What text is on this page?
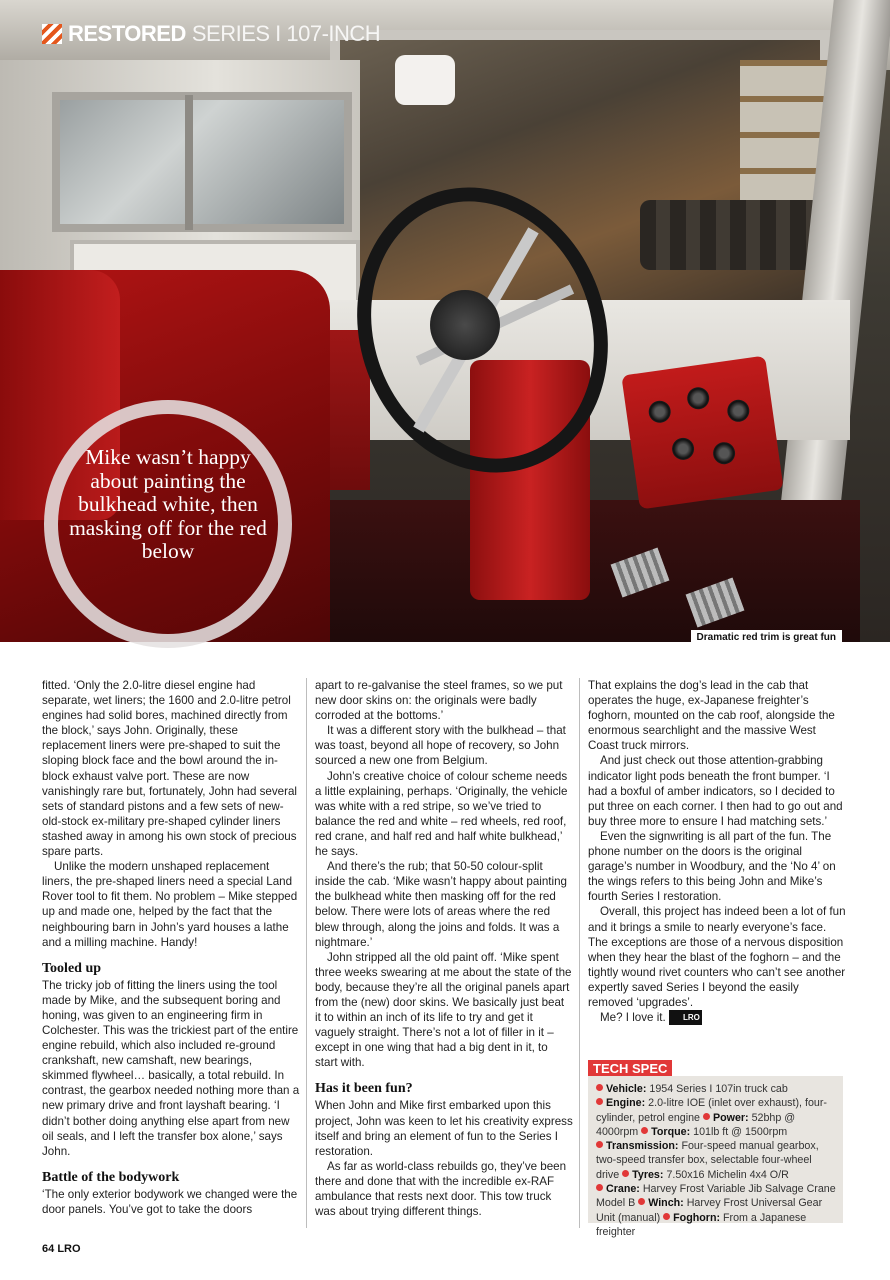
RESTORED SERIES I 107-INCH
Mike wasn’t happy about painting the bulkhead white, then masking off for the red below
Dramatic red trim is great fun

fitted. ‘Only the 2.0-litre diesel engine had separate, wet liners; the 1600 and 2.0-litre petrol engines had solid bores, machined directly from the block,’ says John. Originally, these replacement liners were pre-shaped to suit the sloping block face and the bowl around the in-block exhaust valve port. These are now vanishingly rare but, fortunately, John had several sets of standard pistons and a few sets of new-old-stock ex-military pre-shaped cylinder liners stashed away in among his own stock of precious spare parts.

Unlike the modern unshaped replacement liners, the pre-shaped liners need a special Land Rover tool to fit them. No problem – Mike stepped up and made one, helped by the fact that the neighbouring barn in John’s yard houses a lathe and a milling machine. Handy!

Tooled up

The tricky job of fitting the liners using the tool made by Mike, and the subsequent boring and honing, was given to an engineering firm in Colchester. This was the trickiest part of the entire engine rebuild, which also included re-ground crankshaft, new camshaft, new bearings, skimmed flywheel… basically, a total rebuild. In contrast, the gearbox needed nothing more than a new primary drive and front layshaft bearing. ‘I didn’t bother doing anything else apart from new oil seals, and I left the transfer box alone,’ says John.

Battle of the bodywork

‘The only exterior bodywork we changed were the door panels. You’ve got to take the doors

apart to re-galvanise the steel frames, so we put new door skins on: the originals were badly corroded at the bottoms.’

It was a different story with the bulkhead – that was toast, beyond all hope of recovery, so John sourced a new one from Belgium.

John’s creative choice of colour scheme needs a little explaining, perhaps. ‘Originally, the vehicle was white with a red stripe, so we’ve tried to balance the red and white – red wheels, red roof, red crane, and half red and half white bulkhead,’ he says.

And there’s the rub; that 50-50 colour-split inside the cab. ‘Mike wasn’t happy about painting the bulkhead white then masking off for the red below. There were lots of areas where the red blew through, along the joins and folds. It was a nightmare.’

John stripped all the old paint off. ‘Mike spent three weeks swearing at me about the state of the body, because they’re all the original panels apart from the (new) door skins. We basically just beat it to within an inch of its life to try and get it vaguely straight. There’s not a lot of filler in it – except in one wing that had a big dent in it, to start with.

Has it been fun?

When John and Mike first embarked upon this project, John was keen to let his creativity express itself and bring an element of fun to the Series I restoration.

As far as world-class rebuilds go, they’ve been there and done that with the incredible ex-RAF ambulance that rests next door. This tow truck was about trying different things.

That explains the dog’s lead in the cab that operates the huge, ex-Japanese freighter’s foghorn, mounted on the cab roof, alongside the enormous searchlight and the massive West Coast truck mirrors.

And just check out those attention-grabbing indicator light pods beneath the front bumper. ‘I had a boxful of amber indicators, so I decided to put three on each corner. I then had to go out and buy three more to ensure I had matching sets.’

Even the signwriting is all part of the fun. The phone number on the doors is the original garage’s number in Woodbury, and the ‘No 4’ on the wings refers to this being John and Mike’s fourth Series I restoration.

Overall, this project has indeed been a lot of fun and it brings a smile to nearly everyone’s face. The exceptions are those of a nervous disposition when they hear the blast of the foghorn – and the tightly wound rivet counters who can’t see another expertly saved Series I beyond the easily removed ‘upgrades’.

Me? I love it. LRO

TECH SPEC
Vehicle: 1954 Series I 107in truck cab
Engine: 2.0-litre IOE (inlet over exhaust), four-cylinder, petrol engine Power: 52bhp @ 4000rpm Torque: 101lb ft @ 1500rpm
Transmission: Four-speed manual gearbox, two-speed transfer box, selectable four-wheel drive Tyres: 7.50x16 Michelin 4x4 O/R
Crane: Harvey Frost Variable Jib Salvage Crane Model B Winch: Harvey Frost Universal Gear Unit (manual) Foghorn: From a Japanese freighter
64 LRO
